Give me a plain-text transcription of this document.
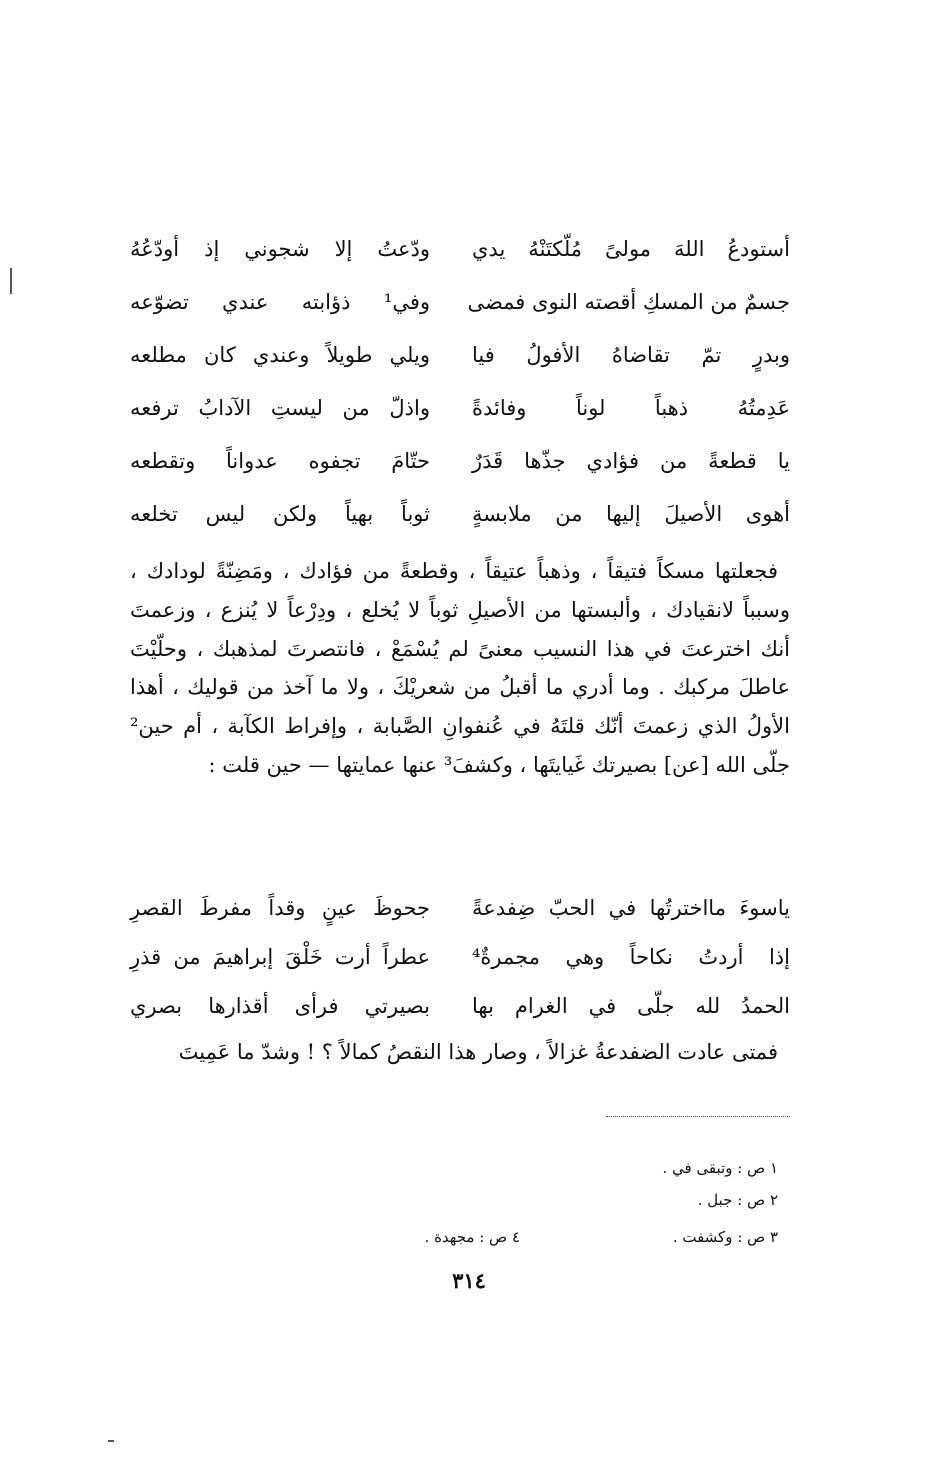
أستودعُ اللهَ مولىً مُلّكتَنْهُ يدي
ودّعتُ إلا شجوني إذ أودّعُهُ
جسمٌ من المسكِ أقصته النوى فمضى
وفي¹ ذؤابته عندي تضوّعه
وبدرٍ تمّ تقاضاهُ الأفولُ فيا
ويلي طويلاً وعندي كان مطلعه
عَدِمتُهُ ذهباً لوناً وفائدةً
واذلّ من ليستِ الآدابُ ترفعه
يا قطعةً من فؤادي جذّها قَدَرٌ
حتّامَ تجفوه عدواناً وتقطعه
أهوى الأصيلَ إليها من ملابسةٍ
ثوباً بهياً ولكن ليس تخلعه

فجعلتها مسكاً فتيقاً ، وذهباً عتيقاً ، وقطعةً من فؤادك ، ومَضِنّةً لودادك ، وسبباً لانقيادك ، وألبستها من الأصيلِ ثوباً لا يُخلع ، ودِرْعاً لا يُنزع ، وزعمتَ أنك اخترعتَ في هذا النسيب معنىً لم يُسْمَعْ ، فانتصرتَ لمذهبك ، وحلّيْتَ عاطلَ مركبك . وما أدري ما أقبلُ من شعريْكَ ، ولا ما آخذ من قوليك ، أهذا الأولُ الذي زعمتَ أنّك قلتَهُ في عُنفوانِ الصَّبابة ، وإفراط الكآبة ، أم حين² جلّى الله [عن] بصيرتك غَيايتَها ، وكشفَ³ عنها عمايتها — حين قلت :

ياسوءَ مااخترتُها في الحبّ ضِفدعةً
جحوظَ عينٍ وقداً مفرطَ القصرِ
إذا أردتُ نكاحاً وهي مجمرةٌ⁴
عطراً أرت خَلْقَ إبراهيمَ من قذرِ
الحمدُ لله جلّى في الغرام بها
بصيرتي فرأى أقذارها بصري
فمتى عادت الضفدعةُ غزالاً ، وصار هذا النقصُ كمالاً ؟ ! وشدّ ما عَمِيتَ
١ ص : وتبقى في .
٢ ص : جبل .
٣ ص : وكشفت .
٤ ص : مجهدة .
٣١٤
